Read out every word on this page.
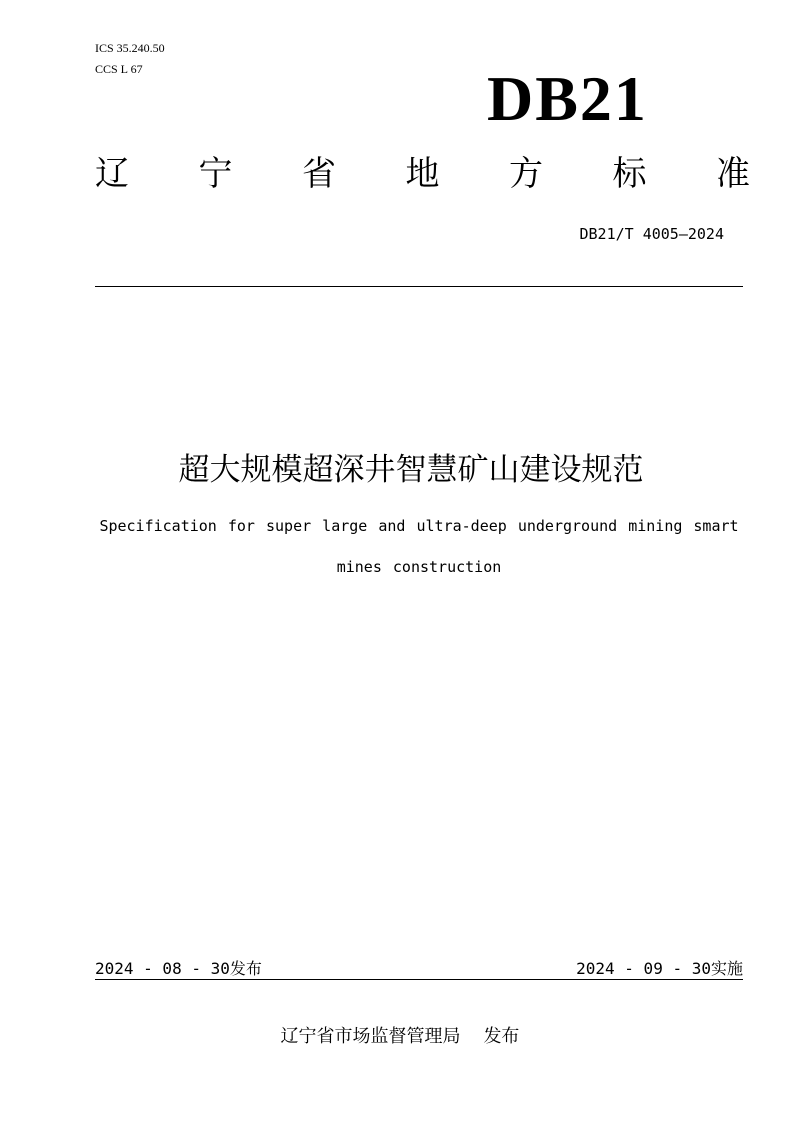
ICS 35.240.50
CCS L 67	DB21
辽 宁 省 地 方 标 准
DB21/T 4005—2024
超大规模超深井智慧矿山建设规范
Specification for super large and ultra-deep underground mining smart
mines construction
2024 - 08 - 30发布	2024 - 09 - 30实施
辽宁省市场监督管理局 发布
